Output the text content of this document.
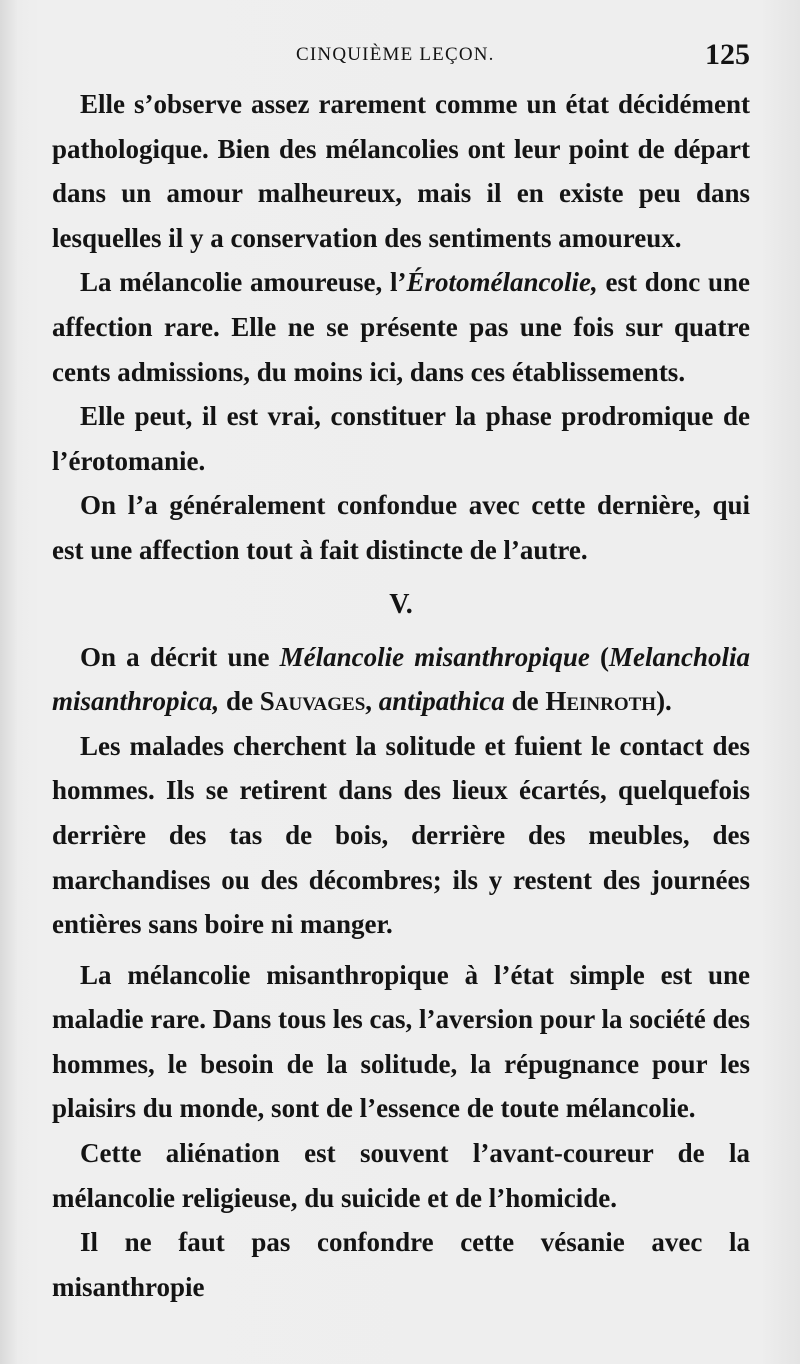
CINQUIÈME LEÇON.	125

Elle s’observe assez rarement comme un état décidément pathologique. Bien des mélancolies ont leur point de départ dans un amour malheureux, mais il en existe peu dans lesquelles il y a conservation des sentiments amoureux.

La mélancolie amoureuse, l’Érotomélancolie, est donc une affection rare. Elle ne se présente pas une fois sur quatre cents admissions, du moins ici, dans ces établissements.

Elle peut, il est vrai, constituer la phase prodromique de l’érotomanie.

On l’a généralement confondue avec cette dernière, qui est une affection tout à fait distincte de l’autre.

V.

On a décrit une Mélancolie misanthropique (Melancholia misanthropica, de Sauvages, antipathica de Heinroth).

Les malades cherchent la solitude et fuient le contact des hommes. Ils se retirent dans des lieux écartés, quelquefois derrière des tas de bois, derrière des meubles, des marchandises ou des décombres; ils y restent des journées entières sans boire ni manger.

La mélancolie misanthropique à l’état simple est une maladie rare. Dans tous les cas, l’aversion pour la société des hommes, le besoin de la solitude, la répugnance pour les plaisirs du monde, sont de l’essence de toute mélancolie.

Cette aliénation est souvent l’avant-coureur de la mélancolie religieuse, du suicide et de l’homicide.

Il ne faut pas confondre cette vésanie avec la misanthropie
